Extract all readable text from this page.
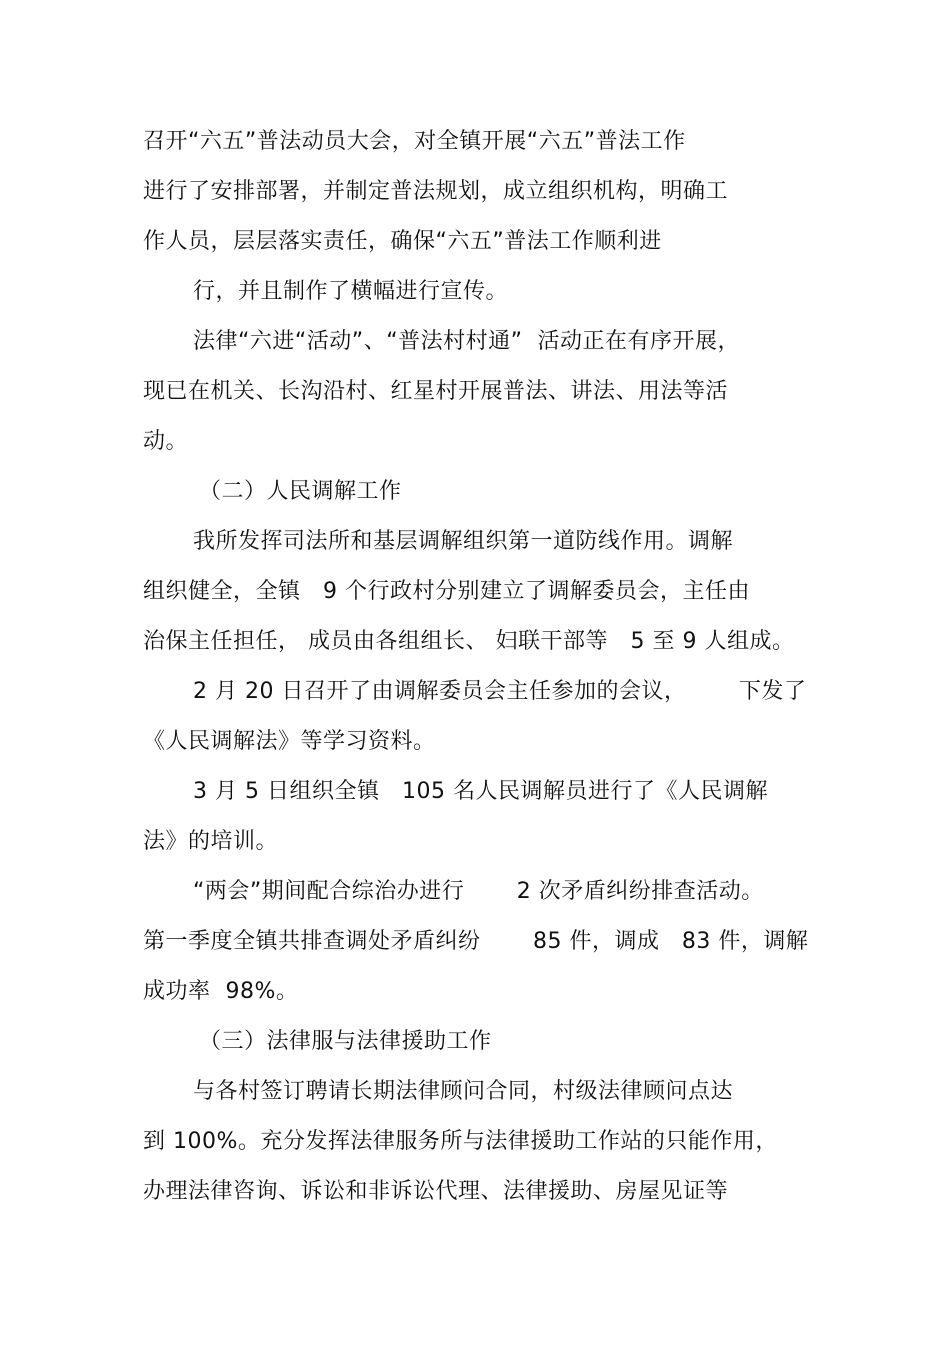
召开“六五”普法动员大会，对全镇开展“六五”普法工作
进行了安排部署，并制定普法规划，成立组织机构，明确工
作人员，层层落实责任，确保“六五”普法工作顺利进
行，并且制作了横幅进行宣传。
法律“六进“活动”、“普法村村通”  活动正在有序开展，
现已在机关、长沟沿村、红星村开展普法、讲法、用法等活
动。
（二）人民调解工作
我所发挥司法所和基层调解组织第一道防线作用。调解
组织健全，全镇   9 个行政村分别建立了调解委员会，主任由
治保主任担任， 成员由各组组长、 妇联干部等   5 至 9 人组成。
2 月 20 日召开了由调解委员会主任参加的会议，       下发了
《人民调解法》等学习资料。
3 月 5 日组织全镇   105 名人民调解员进行了《人民调解
法》的培训。
“两会”期间配合综治办进行       2 次矛盾纠纷排查活动。
第一季度全镇共排查调处矛盾纠纷       85 件，调成   83 件，调解
成功率  98%。
（三）法律服与法律援助工作
与各村签订聘请长期法律顾问合同，村级法律顾问点达
到 100%。充分发挥法律服务所与法律援助工作站的只能作用，
办理法律咨询、诉讼和非诉讼代理、法律援助、房屋见证等
